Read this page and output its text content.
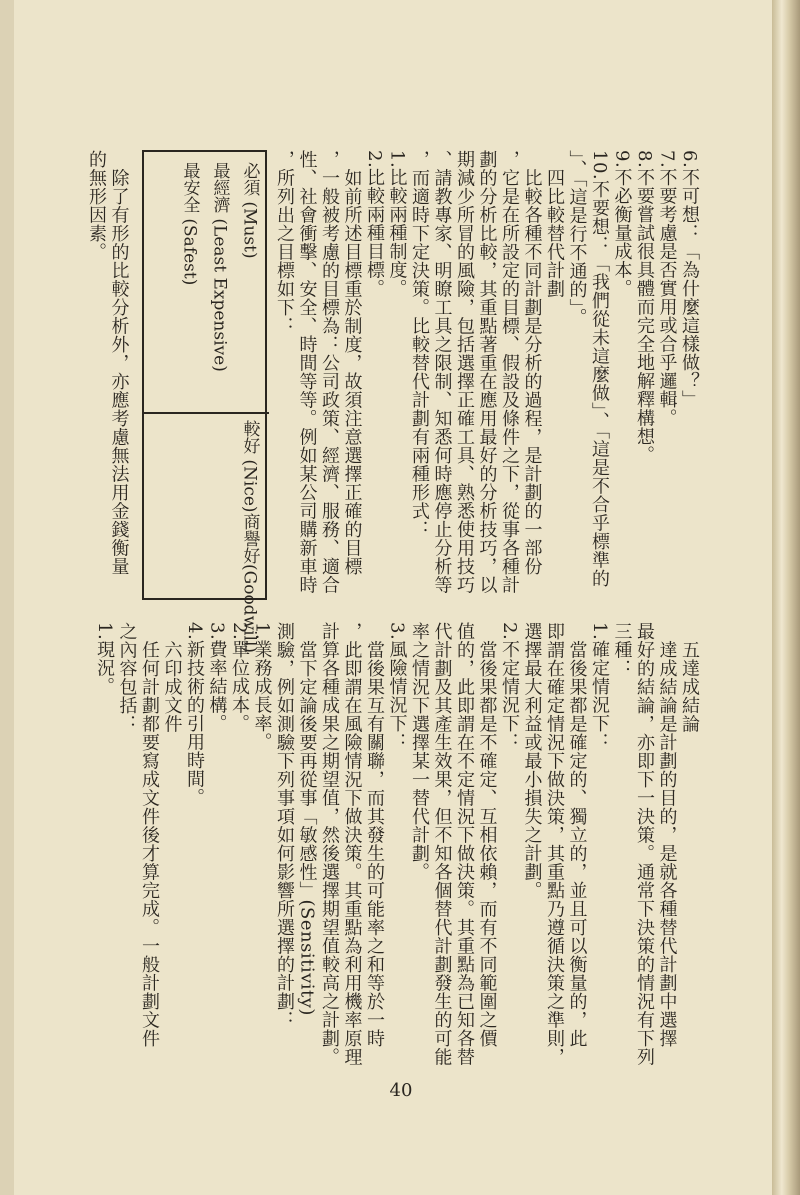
6.不可想：「為什麼這樣做？」
7.不要考慮是否實用或合乎邏輯。
8.不要嘗試很具體而完全地解釋構想。
9.不必衡量成本。
10.不要想：「我們從未這麼做」、「這是不合乎標準的
」、「這是行不通的」。
　四比較替代計劃
　比較各種不同計劃是分析的過程，是計劃的一部份
，它是在所設定的目標、假設及條件之下，從事各種計
劃的分析比較，其重點著重在應用最好的分析技巧，以
期減少所冒的風險，包括選擇正確工具、熟悉使用技巧
、請教專家、明瞭工具之限制、知悉何時應停止分析等
，而適時下定決策。比較替代計劃有兩種形式：
1.比較兩種制度。
2.比較兩種目標。
　如前所述目標重於制度，故須注意選擇正確的目標
，一般被考慮的目標為：公司政策、經濟、服務、適合
性、社會衝擊、安全、時間等等。例如某公司購新車時
，所列出之目標如下：
必須 (Must)
最經濟 (Least Expensive)
最安全 (Safest)
較好 (Nice)
商譽好(Goodwill)
　除了有形的比較分析外，亦應考慮無法用金錢衡量
的無形因素。
　五達成結論
　達成結論是計劃的目的，是就各種替代計劃中選擇
最好的結論，亦即下一決策。通常下決策的情況有下列
三種：
1.確定情況下：
　當後果都是確定的、獨立的，並且可以衡量的，此
即謂在確定情況下做決策，其重點乃遵循決策之準則，
選擇最大利益或最小損失之計劃。
2.不定情況下：
　當後果都是不確定、互相依賴，而有不同範圍之價
值的，此即謂在不定情況下做決策。其重點為已知各替
代計劃及其產生效果，但不知各個替代計劃發生的可能
率之情況下選擇某一替代計劃。
3.風險情況下：
　當後果互有關聯，而其發生的可能率之和等於一時
，此即謂在風險情況下做決策。其重點為利用機率原理
計算各種成果之期望值，然後選擇期望值較高之計劃。
　當下定論後要再從事「敏感性」(Sensitivity)
測驗，例如測驗下列事項如何影響所選擇的計劃：
1.業務成長率。
2.單位成本。
3.費率結構。
4.新技術的引用時間。
　六印成文件
　任何計劃都要寫成文件後才算完成。一般計劃文件
之內容包括：
1.現況。
40
